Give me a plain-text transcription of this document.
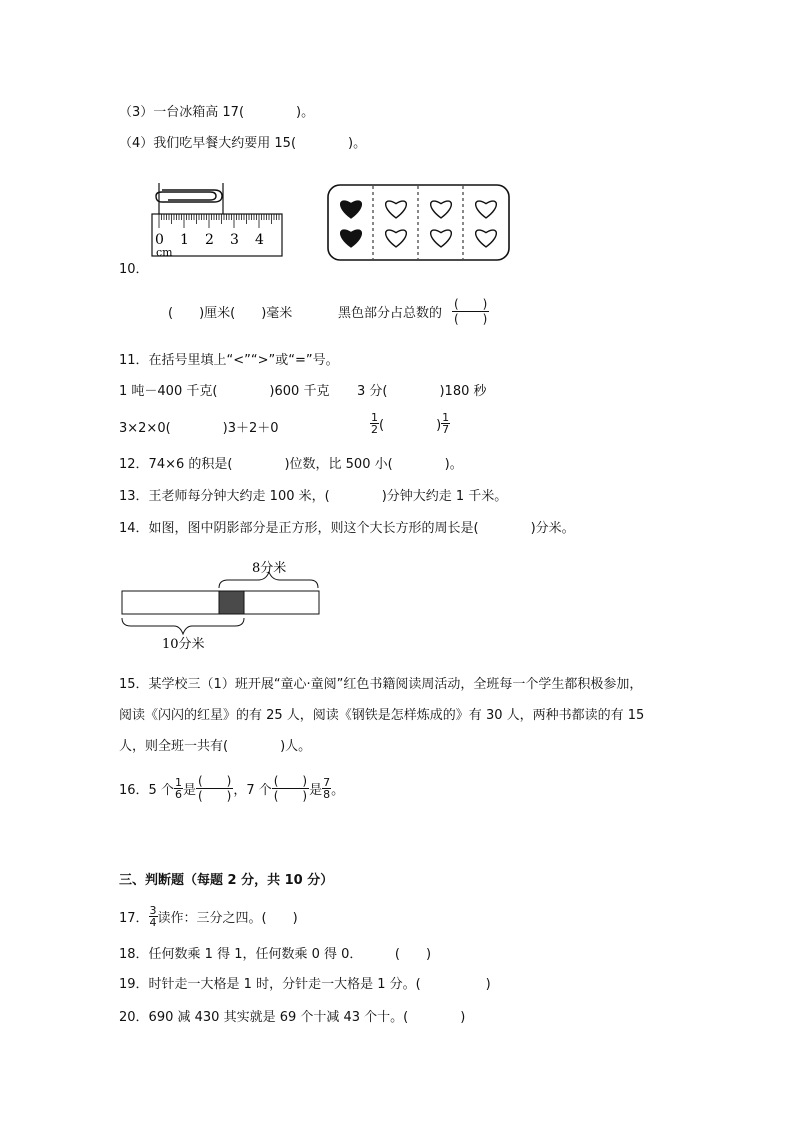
（3）一台冰箱高 17(　　　　)。
（4）我们吃早餐大约要用 15(　　　　)。
0 1 2 3 4
cm
10．
(　　)厘米(　　)毫米	黑色部分占总数的
(　　)
(　　)
11．在括号里填上“<”“>”或“=”号。
1 吨－400 千克(　　　　)600 千克 3 分(　　　　)180 秒
3×2×0(　　　　)3＋2＋0	$\frac{1}{2}$ (　　　　) $\frac{1}{7}$
12．74×6 的积是(　　　　)位数，比 500 小(　　　　)。
13．王老师每分钟大约走 100 米，(　　　　)分钟大约走 1 千米。
14．如图，图中阴影部分是正方形，则这个大长方形的周长是(　　　　)分米。
8分米
10分米
15．某学校三（1）班开展“童心·童阅”红色书籍阅读周活动，全班每一个学生都积极参加，
阅读《闪闪的红星》的有 25 人，阅读《钢铁是怎样炼成的》有 30 人，两种书都读的有 15
人，则全班一共有(　　　　)人。
16．5 个 $\frac{1}{6}$ 是 $\frac{( )}{( )}$ ，7 个 $\frac{( )}{( )}$ 是 $\frac{7}{8}$ 。
三、判断题（每题 2 分，共 10 分）
17． $\frac{3}{4}$ 读作：三分之四。(　　)
18．任何数乘 1 得 1，任何数乘 0 得 0．　　　(　　)
19．时针走一大格是 1 时，分针走一大格是 1 分。(　　　　　)
20．690 减 430 其实就是 69 个十减 43 个十。(　　　　)
